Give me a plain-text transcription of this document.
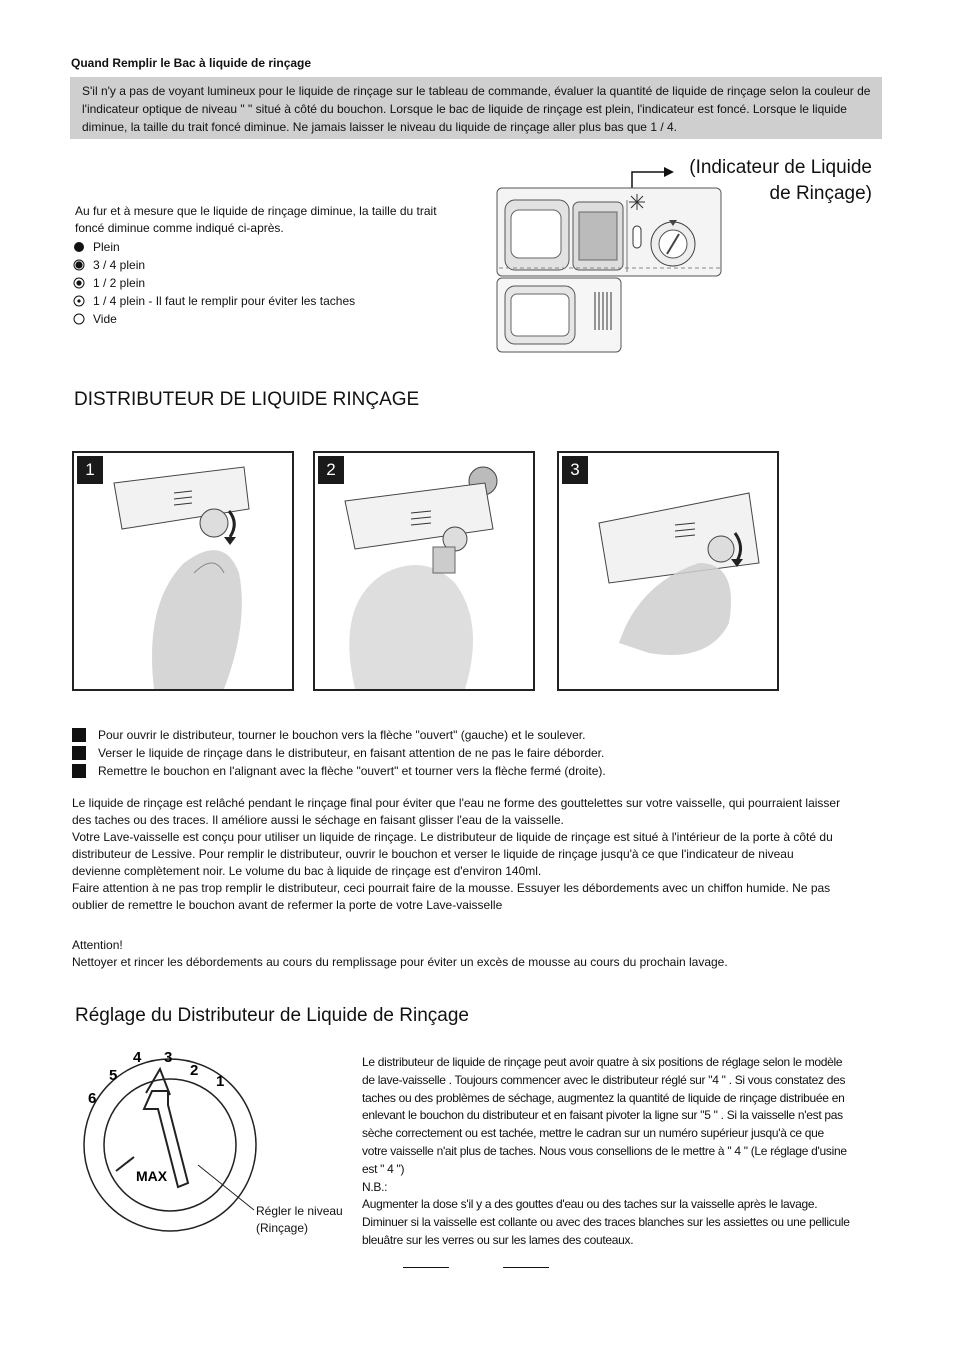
Quand Remplir le Bac à liquide de rinçage

S'il n'y a pas de voyant lumineux pour le liquide de rinçage sur le tableau de commande, évaluer la quantité de liquide de rinçage selon la couleur de l'indicateur optique de niveau " " situé à côté du bouchon. Lorsque le bac de liquide de rinçage est plein, l'indicateur est foncé. Lorsque le liquide diminue, la taille du trait foncé diminue. Ne jamais laisser le niveau du liquide de rinçage aller plus bas que 1 / 4.

(Indicateur de Liquide
de Rinçage)
Au fur et à mesure que le liquide de rinçage diminue, la taille du trait foncé diminue comme indiqué ci-après.
Plein
3 / 4 plein
1 / 2 plein
1 / 4 plein - Il faut le remplir pour éviter les taches
Vide
DISTRIBUTEUR DE LIQUIDE RINÇAGE
1	2	3
Pour ouvrir le distributeur, tourner le bouchon vers la flèche "ouvert" (gauche) et le soulever.
Verser le liquide de rinçage dans le distributeur, en faisant attention de ne pas le faire déborder.
Remettre le bouchon en l'alignant avec la flèche "ouvert" et tourner vers la flèche fermé (droite).

Le liquide de rinçage est relâché pendant le rinçage final pour éviter que l'eau ne forme des gouttelettes sur votre vaisselle, qui pourraient laisser des taches ou des traces. Il améliore aussi le séchage en faisant glisser l'eau de la vaisselle.

Votre Lave-vaisselle est conçu pour utiliser un liquide de rinçage. Le distributeur de liquide de rinçage est situé à l'intérieur de la porte à côté du distributeur de Lessive. Pour remplir le distributeur, ouvrir le bouchon et verser le liquide de rinçage jusqu'à ce que l'indicateur de niveau devienne complètement noir. Le volume du bac à liquide de rinçage est d'environ 140ml.

Faire attention à ne pas trop remplir le distributeur, ceci pourrait faire de la mousse. Essuyer les débordements avec un chiffon humide. Ne pas oublier de remettre le bouchon avant de refermer la porte de votre Lave-vaisselle

Attention!

Nettoyer et rincer les débordements au cours du remplissage pour éviter un excès de mousse au cours du prochain lavage.

Réglage du Distributeur de Liquide de Rinçage
1
2
3
4
5
6
MAX
Régler le niveau
(Rinçage)

Le distributeur de liquide de rinçage peut avoir quatre à six positions de réglage selon le modèle de lave-vaisselle . Toujours commencer avec le distributeur réglé sur "4 " . Si vous constatez des taches ou des problèmes de séchage, augmentez la quantité de liquide de rinçage distribuée en enlevant le bouchon du distributeur et en faisant pivoter la ligne sur "5 " . Si la vaisselle n'est pas sèche correctement ou est tachée, mettre le cadran sur un numéro supérieur jusqu'à ce que votre vaisselle n'ait plus de taches. Nous vous consellions de le mettre à " 4 " (Le réglage d'usine est " 4 ")

N.B.:

Augmenter la dose s'il y a des gouttes d'eau ou des taches sur la vaisselle après le lavage. Diminuer si la vaisselle est collante ou avec des traces blanches sur les assiettes ou une pellicule bleuâtre sur les verres ou sur les lames des couteaux.
